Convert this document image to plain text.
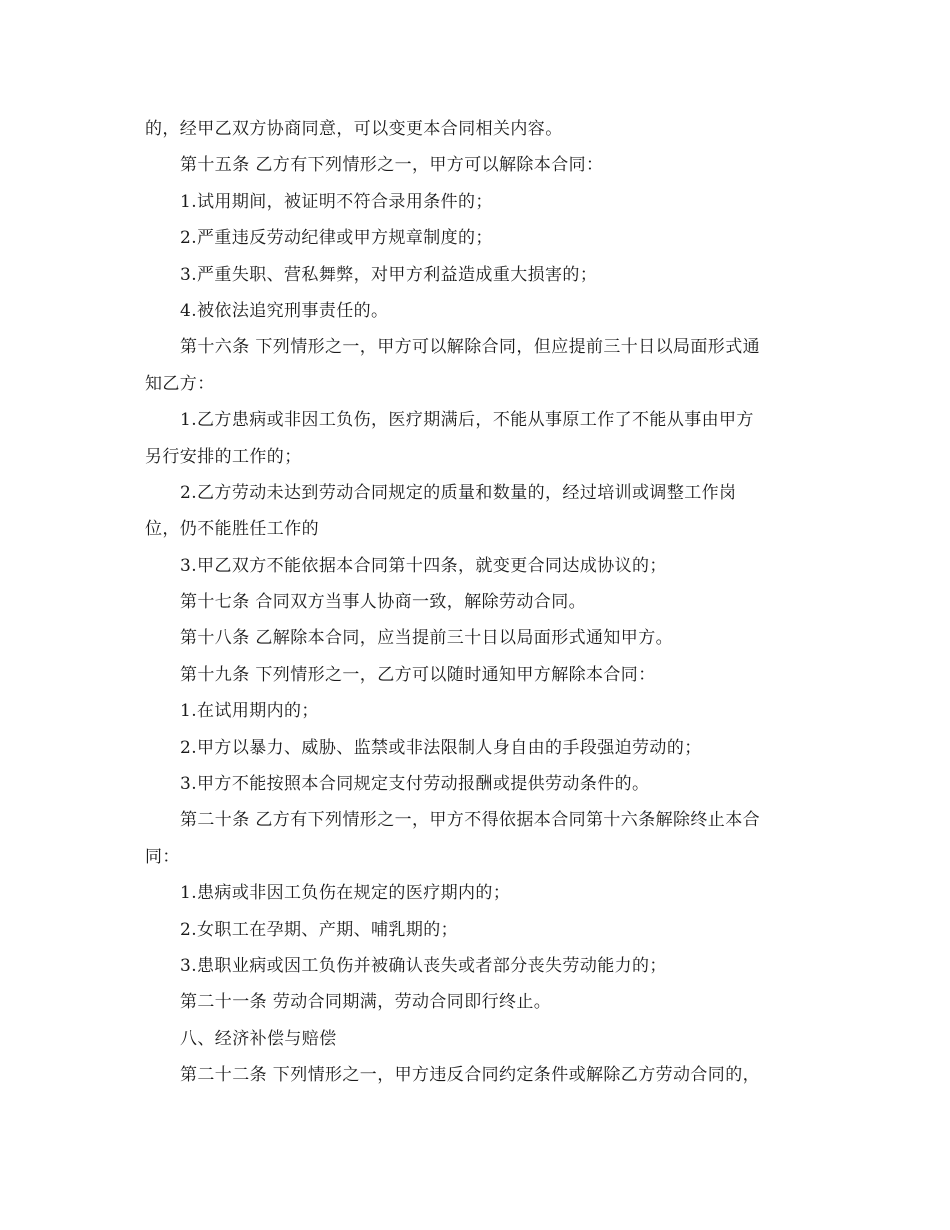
的，经甲乙双方协商同意，可以变更本合同相关内容。

第十五条 乙方有下列情形之一，甲方可以解除本合同：

1.试用期间，被证明不符合录用条件的；

2.严重违反劳动纪律或甲方规章制度的；

3.严重失职、营私舞弊，对甲方利益造成重大损害的；

4.被依法追究刑事责任的。

第十六条 下列情形之一，甲方可以解除合同，但应提前三十日以局面形式通

知乙方：

1.乙方患病或非因工负伤，医疗期满后，不能从事原工作了不能从事由甲方

另行安排的工作的；

2.乙方劳动未达到劳动合同规定的质量和数量的，经过培训或调整工作岗

位，仍不能胜任工作的

3.甲乙双方不能依据本合同第十四条，就变更合同达成协议的；

第十七条 合同双方当事人协商一致，解除劳动合同。

第十八条 乙解除本合同，应当提前三十日以局面形式通知甲方。

第十九条 下列情形之一，乙方可以随时通知甲方解除本合同：

1.在试用期内的；

2.甲方以暴力、威胁、监禁或非法限制人身自由的手段强迫劳动的；

3.甲方不能按照本合同规定支付劳动报酬或提供劳动条件的。

第二十条 乙方有下列情形之一，甲方不得依据本合同第十六条解除终止本合

同：

1.患病或非因工负伤在规定的医疗期内的；

2.女职工在孕期、产期、哺乳期的；

3.患职业病或因工负伤并被确认丧失或者部分丧失劳动能力的；

第二十一条 劳动合同期满，劳动合同即行终止。

八、经济补偿与赔偿

第二十二条 下列情形之一，甲方违反合同约定条件或解除乙方劳动合同的，
